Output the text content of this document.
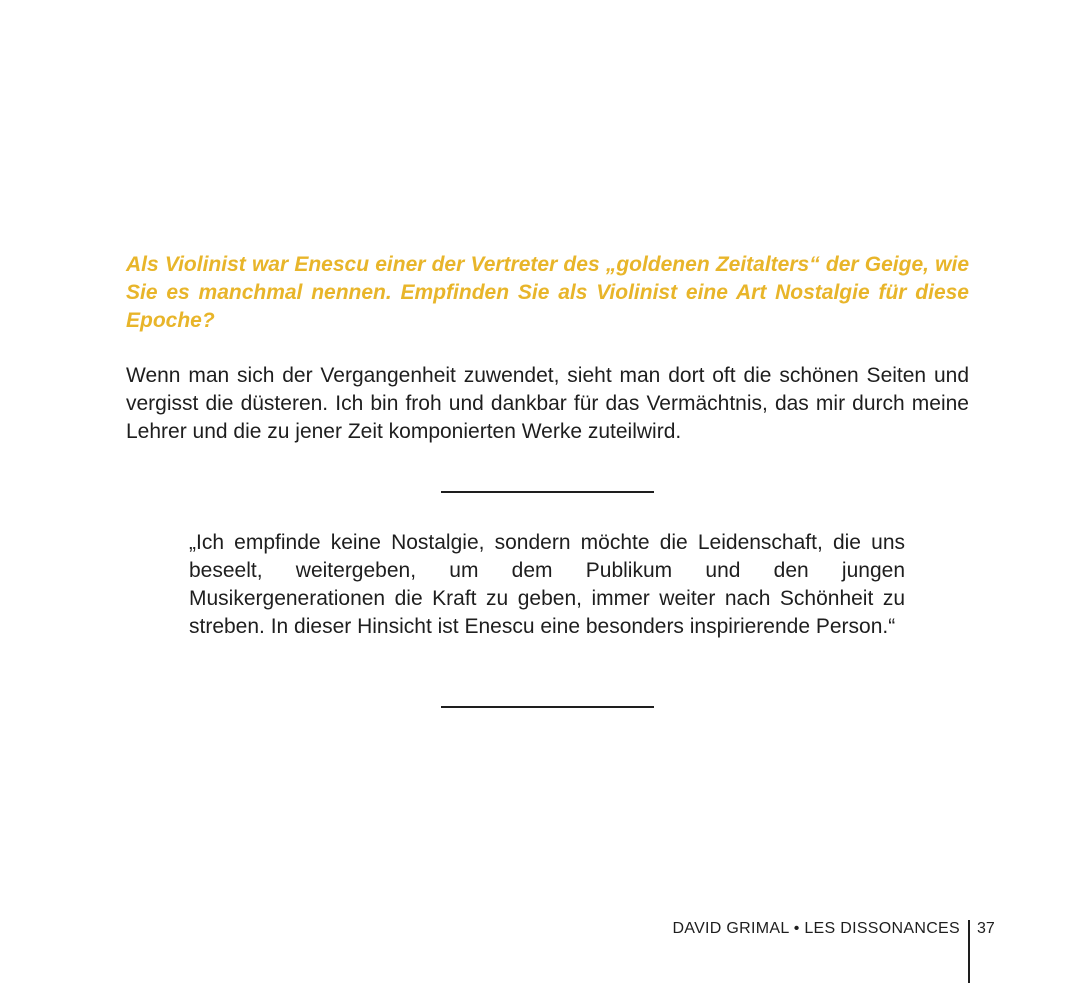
Als Violinist war Enescu einer der Vertreter des „goldenen Zeitalters“ der Geige, wie Sie es manchmal nennen. Empfinden Sie als Violinist eine Art Nostalgie für diese Epoche?

Wenn man sich der Vergangenheit zuwendet, sieht man dort oft die schönen Seiten und vergisst die düsteren. Ich bin froh und dankbar für das Vermächtnis, das mir durch meine Lehrer und die zu jener Zeit komponierten Werke zuteilwird.

„Ich empfinde keine Nostalgie, sondern möchte die Leidenschaft, die uns beseelt, weitergeben, um dem Publikum und den jungen Musikergenerationen die Kraft zu geben, immer weiter nach Schönheit zu streben. In dieser Hinsicht ist Enescu eine besonders inspirierende Person.“

DAVID GRIMAL • LES DISSONANCES 37
